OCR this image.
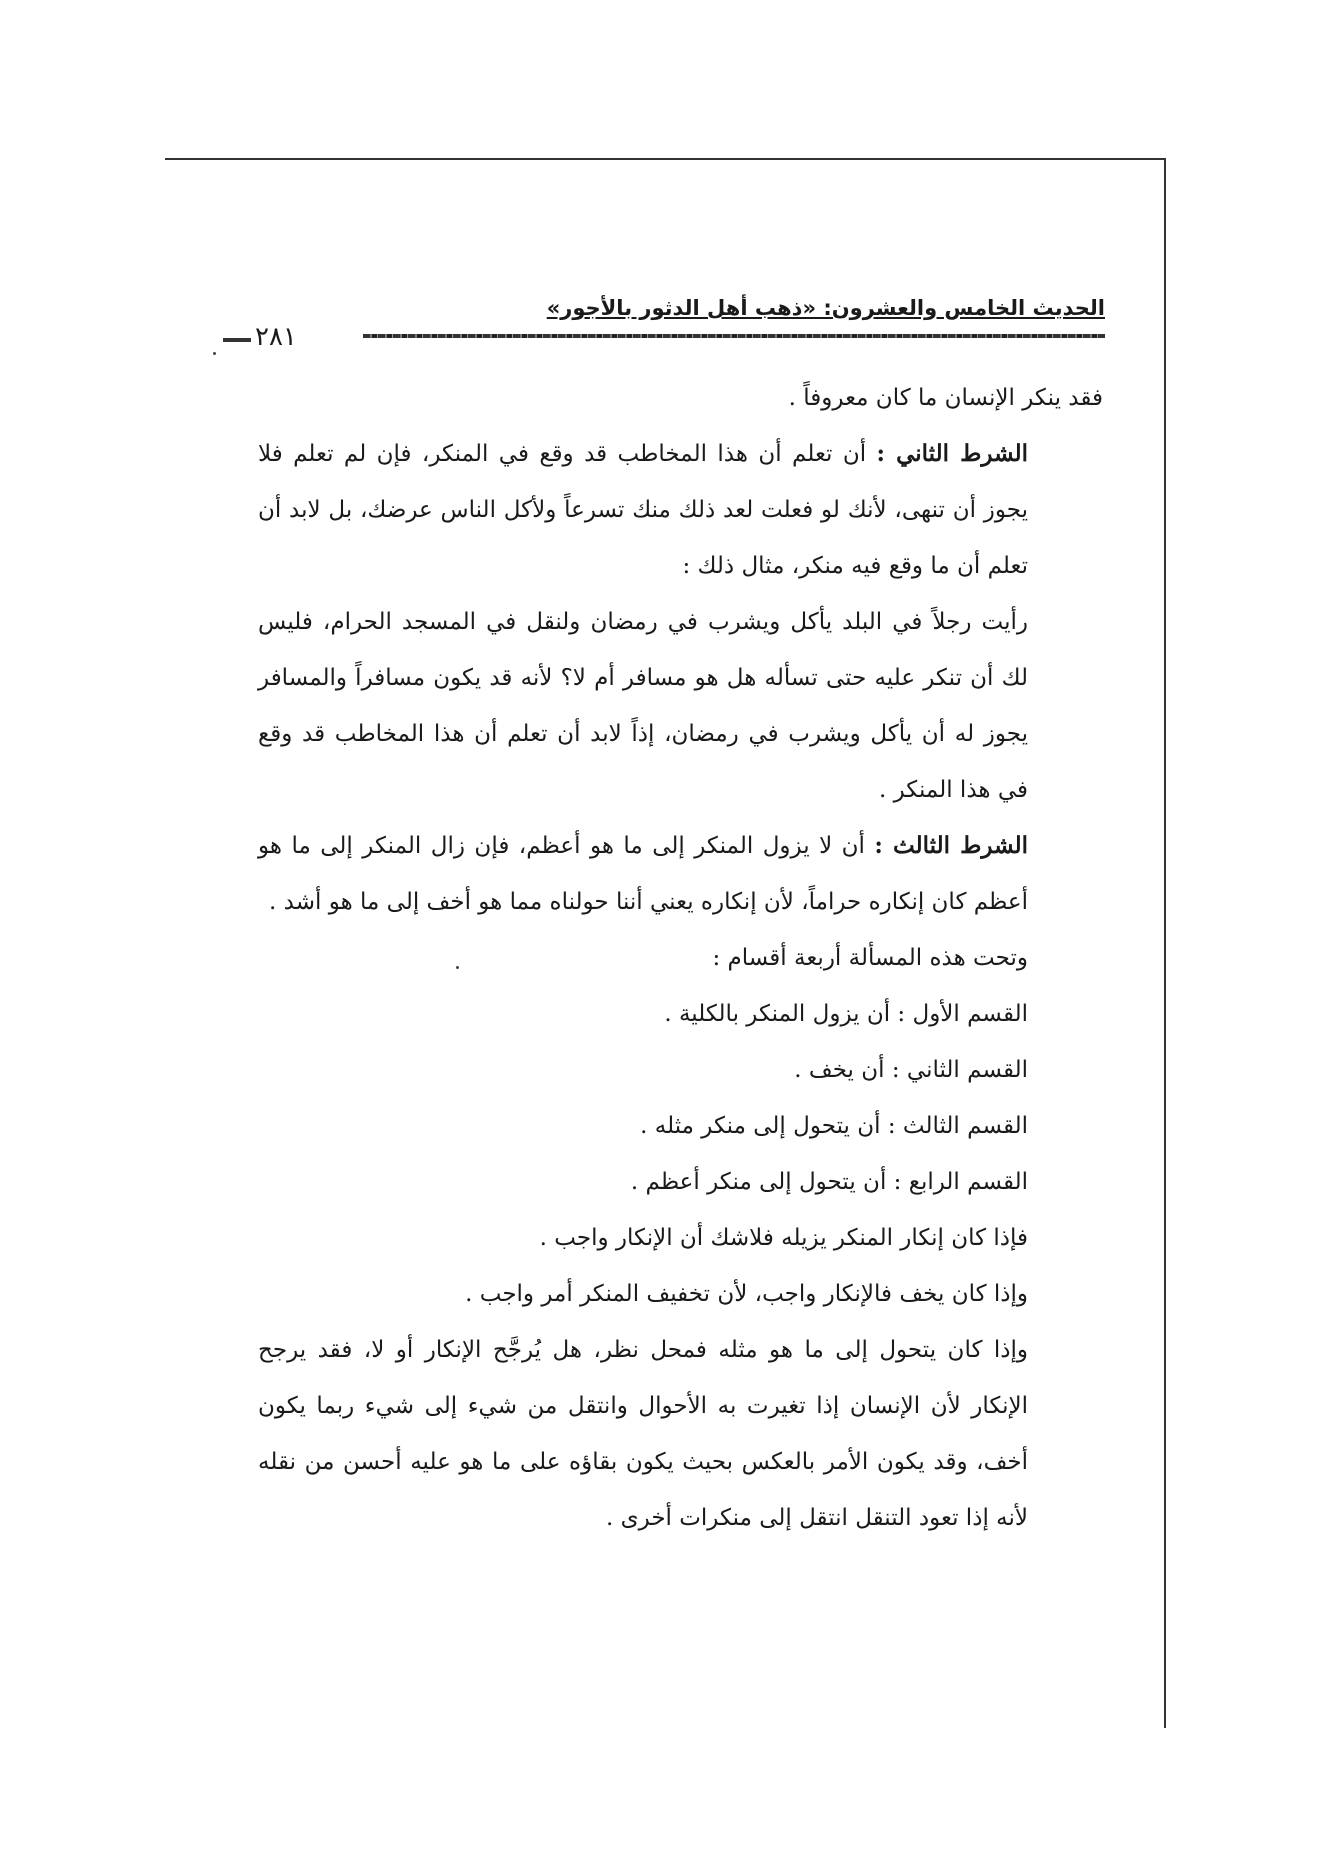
الحديث الخامس والعشرون: «ذهب أهل الدثور بالأجور»
٢٨١

فقد ينكر الإنسان ما كان معروفاً .

الشرط الثاني : أن تعلم أن هذا المخاطب قد وقع في المنكر، فإن لم تعلم فلا يجوز أن تنهى، لأنك لو فعلت لعد ذلك منك تسرعاً ولأكل الناس عرضك، بل لابد أن تعلم أن ما وقع فيه منكر، مثال ذلك :

رأيت رجلاً في البلد يأكل ويشرب في رمضان ولنقل في المسجد الحرام، فليس لك أن تنكر عليه حتى تسأله هل هو مسافر أم لا؟ لأنه قد يكون مسافراً والمسافر يجوز له أن يأكل ويشرب في رمضان، إذاً لابد أن تعلم أن هذا المخاطب قد وقع في هذا المنكر .

الشرط الثالث : أن لا يزول المنكر إلى ما هو أعظم، فإن زال المنكر إلى ما هو أعظم كان إنكاره حراماً، لأن إنكاره يعني أننا حولناه مما هو أخف إلى ما هو أشد .

وتحت هذه المسألة أربعة أقسام :

القسم الأول : أن يزول المنكر بالكلية .

القسم الثاني : أن يخف .

القسم الثالث : أن يتحول إلى منكر مثله .

القسم الرابع : أن يتحول إلى منكر أعظم .

فإذا كان إنكار المنكر يزيله فلاشك أن الإنكار واجب .

وإذا كان يخف فالإنكار واجب، لأن تخفيف المنكر أمر واجب .

وإذا كان يتحول إلى ما هو مثله فمحل نظر، هل يُرجَّح الإنكار أو لا، فقد يرجح الإنكار لأن الإنسان إذا تغيرت به الأحوال وانتقل من شيء إلى شيء ربما يكون أخف، وقد يكون الأمر بالعكس بحيث يكون بقاؤه على ما هو عليه أحسن من نقله لأنه إذا تعود التنقل انتقل إلى منكرات أخرى .
